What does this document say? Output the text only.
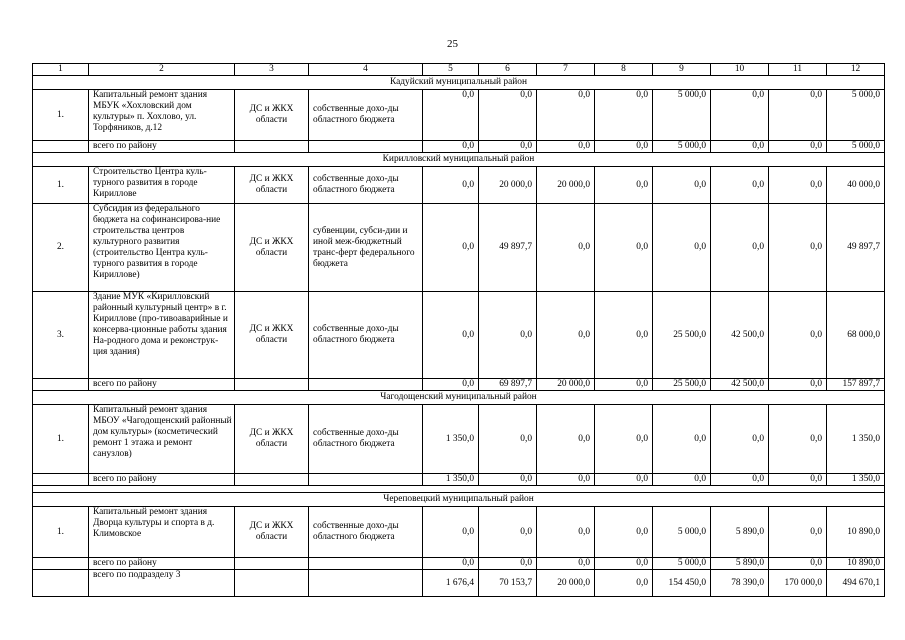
25
1	2	3	4	5	6	7	8	9	10	11	12
Кадуйский муниципальный район											
1.	Капитальный ремонт здания МБУК «Хохловский дом культуры» п. Хохлово, ул. Торфяников, д.12	ДС и ЖКХ области	собственные дохо-ды областного бюджета	0,0	0,0	0,0	0,0	5 000,0	0,0	0,0	5 000,0
	всего по району			0,0	0,0	0,0	0,0	5 000,0	0,0	0,0	5 000,0
Кирилловский муниципальный район											
1.	Строительство Центра куль-турного развития в городе Кириллове	ДС и ЖКХ области	собственные дохо-ды областного бюджета	0,0	20 000,0	20 000,0	0,0	0,0	0,0	0,0	40 000,0
2.	Субсидия из федерального бюджета на софинансирова-ние строительства центров культурного развития (строительство Центра куль-турного развития в городе Кириллове)	ДС и ЖКХ области	субвенции, субси-дии и иной меж-бюджетный транс-ферт федерального бюджета	0,0	49 897,7	0,0	0,0	0,0	0,0	0,0	49 897,7
3.	Здание МУК «Кирилловский районный культурный центр» в г. Кириллове (про-тивоаварийные и консерва-ционные работы здания На-родного дома и реконструк-ция здания)	ДС и ЖКХ области	собственные дохо-ды областного бюджета	0,0	0,0	0,0	0,0	25 500,0	42 500,0	0,0	68 000,0
	всего по району			0,0	69 897,7	20 000,0	0,0	25 500,0	42 500,0	0,0	157 897,7
Чагодощенский муниципальный район											
1.	Капитальный ремонт здания МБОУ «Чагодощенский районный дом культуры» (косметический ремонт 1 этажа и ремонт санузлов)	ДС и ЖКХ области	собственные дохо-ды областного бюджета	1 350,0	0,0	0,0	0,0	0,0	0,0	0,0	1 350,0
	всего по району			1 350,0	0,0	0,0	0,0	0,0	0,0	0,0	1 350,0

Череповецкий муниципальный район											
1.	Капитальный ремонт здания Дворца культуры и спорта в д. Климовское	ДС и ЖКХ области	собственные дохо-ды областного бюджета	0,0	0,0	0,0	0,0	5 000,0	5 890,0	0,0	10 890,0
	всего по району			0,0	0,0	0,0	0,0	5 000,0	5 890,0	0,0	10 890,0
	всего по подразделу 3			1 676,4	70 153,7	20 000,0	0,0	154 450,0	78 390,0	170 000,0	494 670,1
